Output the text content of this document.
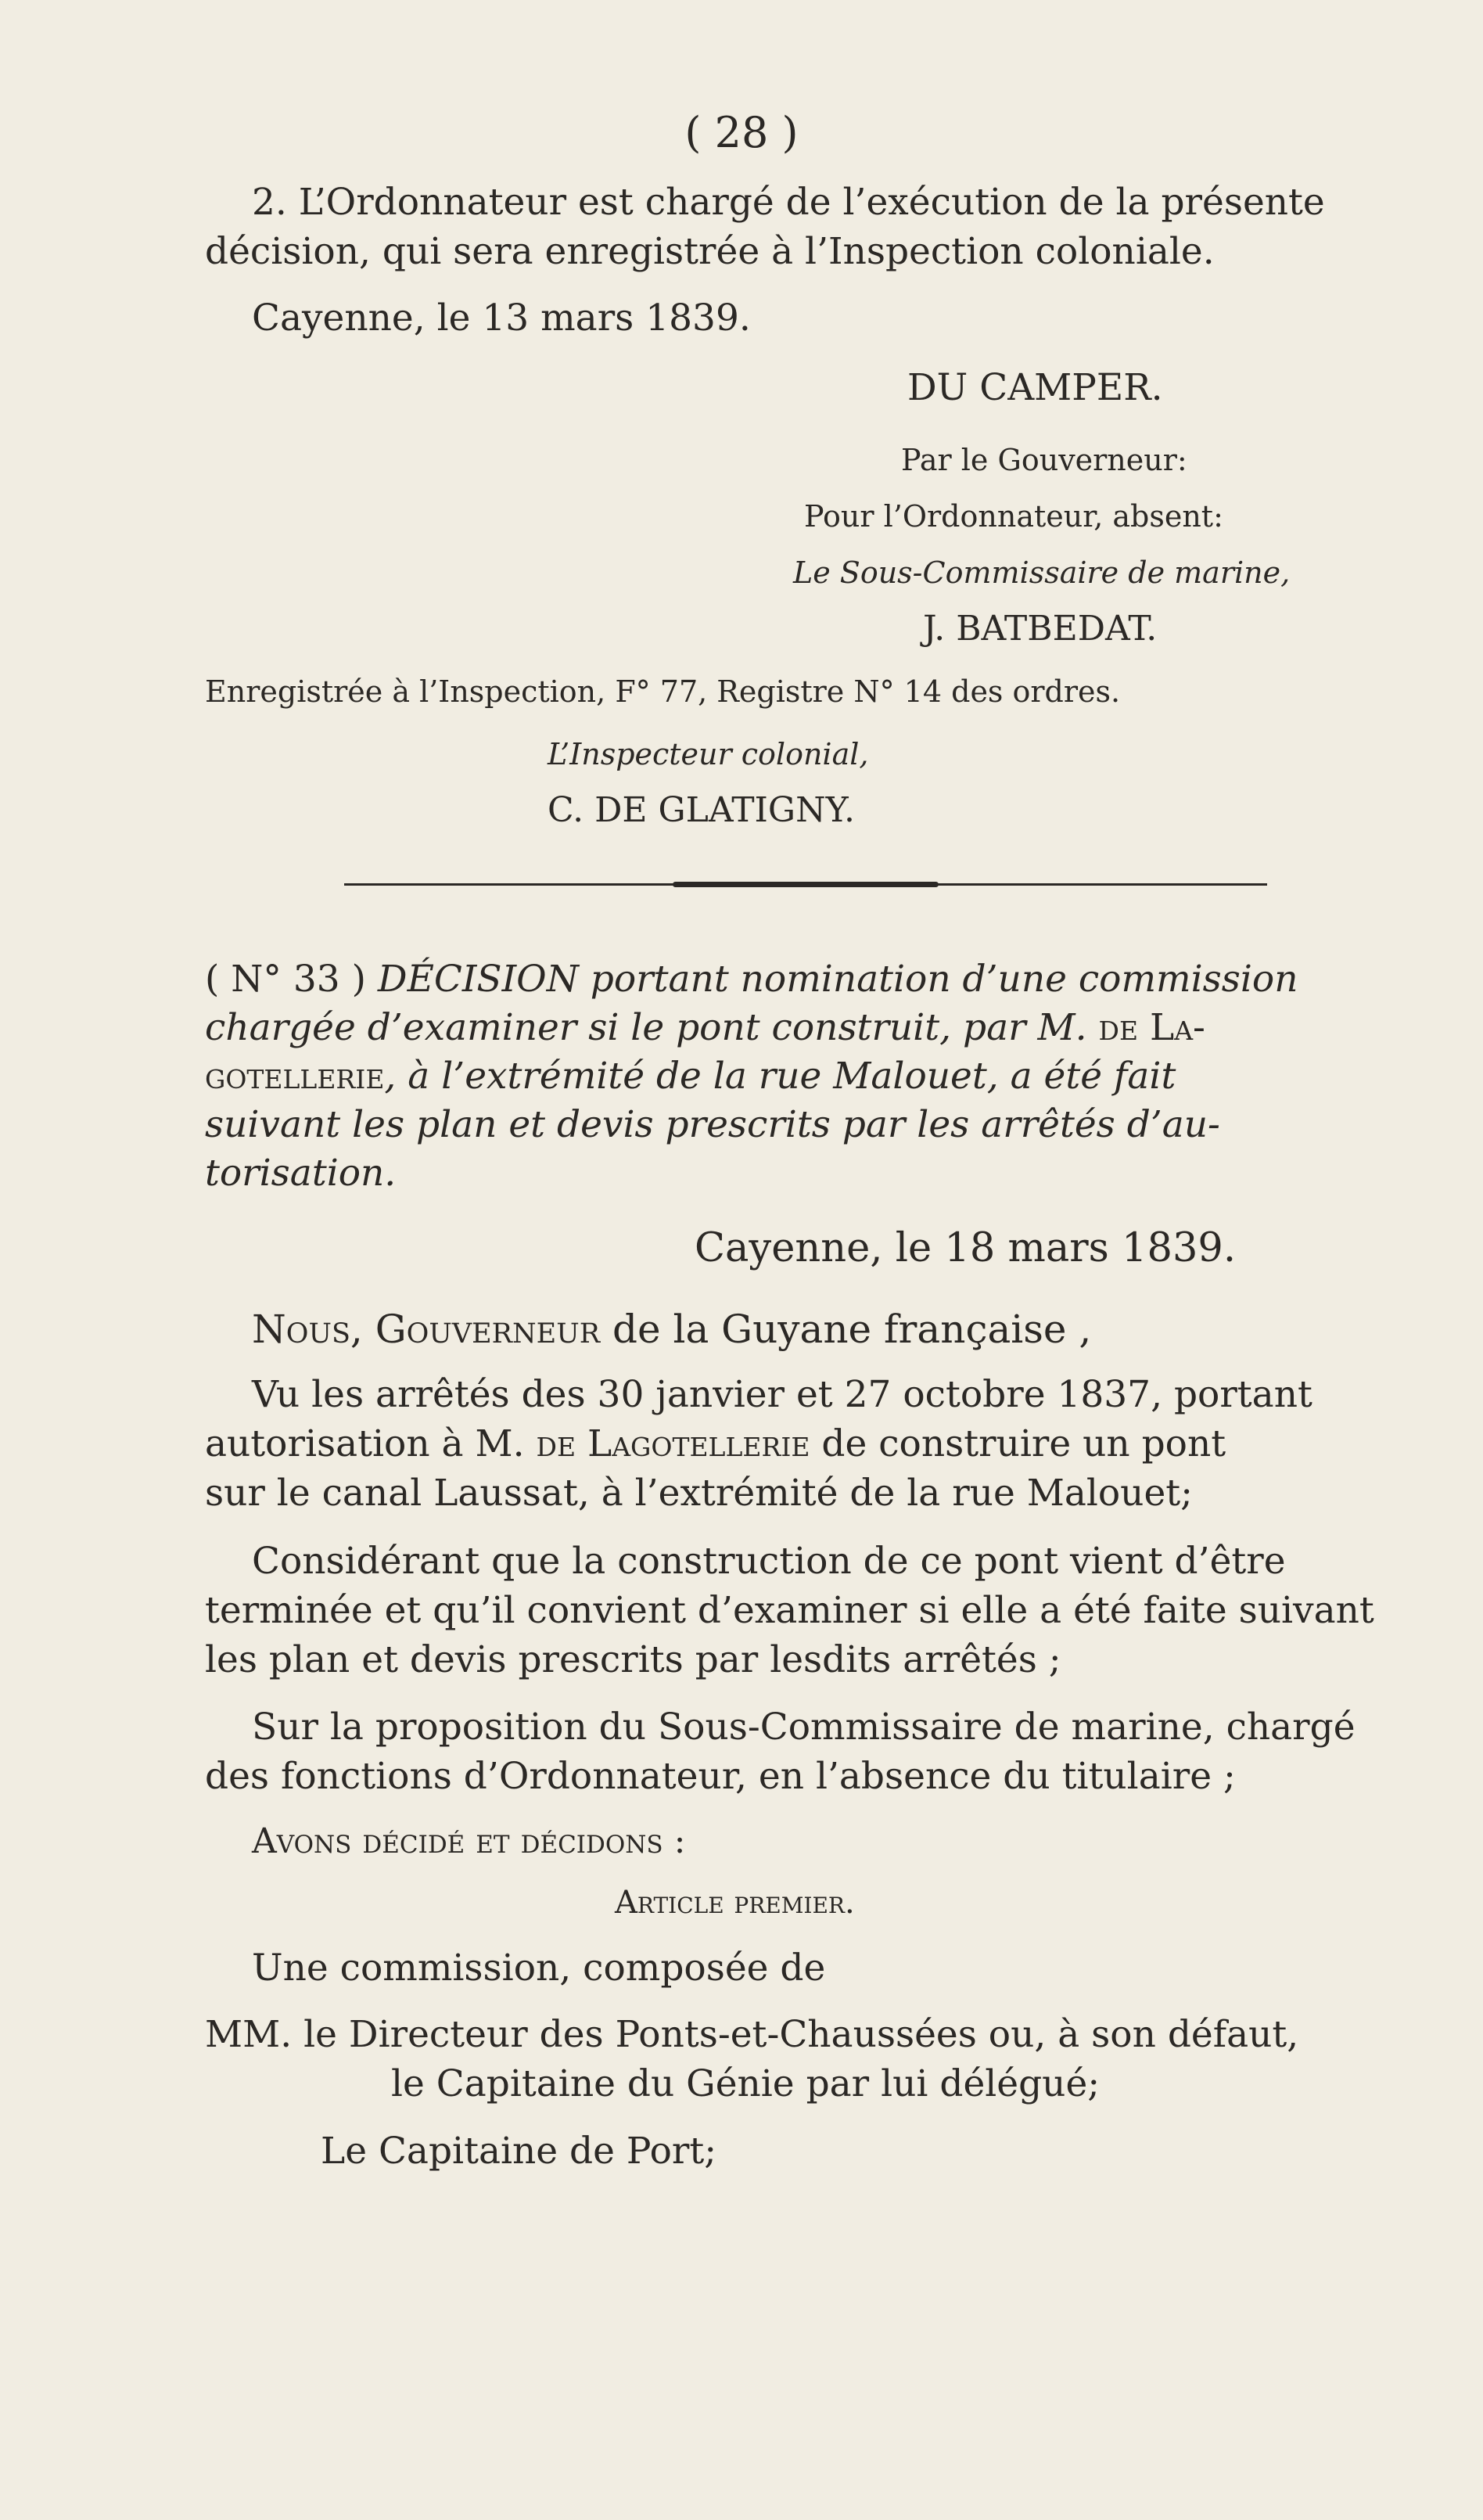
( 28 )
2. L’Ordonnateur est chargé de l’exécution de la présente
décision, qui sera enregistrée à l’Inspection coloniale.
Cayenne, le 13 mars 1839.
DU CAMPER.
Par le Gouverneur:
Pour l’Ordonnateur, absent:
Le Sous-Commissaire de marine,
J. BATBEDAT.
Enregistrée à l’Inspection, F° 77, Registre N° 14 des ordres.
L’Inspecteur colonial,
C. DE GLATIGNY.
( N° 33 ) DÉCISION portant nomination d’une commission
chargée d’examiner si le pont construit, par M. de La-
gotellerie, à l’extrémité de la rue Malouet, a été fait
suivant les plan et devis prescrits par les arrêtés d’au-
torisation.
Cayenne, le 18 mars 1839.
Nous, Gouverneur de la Guyane française ,
Vu les arrêtés des 30 janvier et 27 octobre 1837, portant
autorisation à M. de Lagotellerie de construire un pont
sur le canal Laussat, à l’extrémité de la rue Malouet;
Considérant que la construction de ce pont vient d’être
terminée et qu’il convient d’examiner si elle a été faite suivant
les plan et devis prescrits par lesdits arrêtés ;
Sur la proposition du Sous-Commissaire de marine, chargé
des fonctions d’Ordonnateur, en l’absence du titulaire ;
Avons décidé et décidons :
Article premier.
Une commission, composée de
MM. le Directeur des Ponts-et-Chaussées ou, à son défaut,
le Capitaine du Génie par lui délégué;
Le Capitaine de Port;
